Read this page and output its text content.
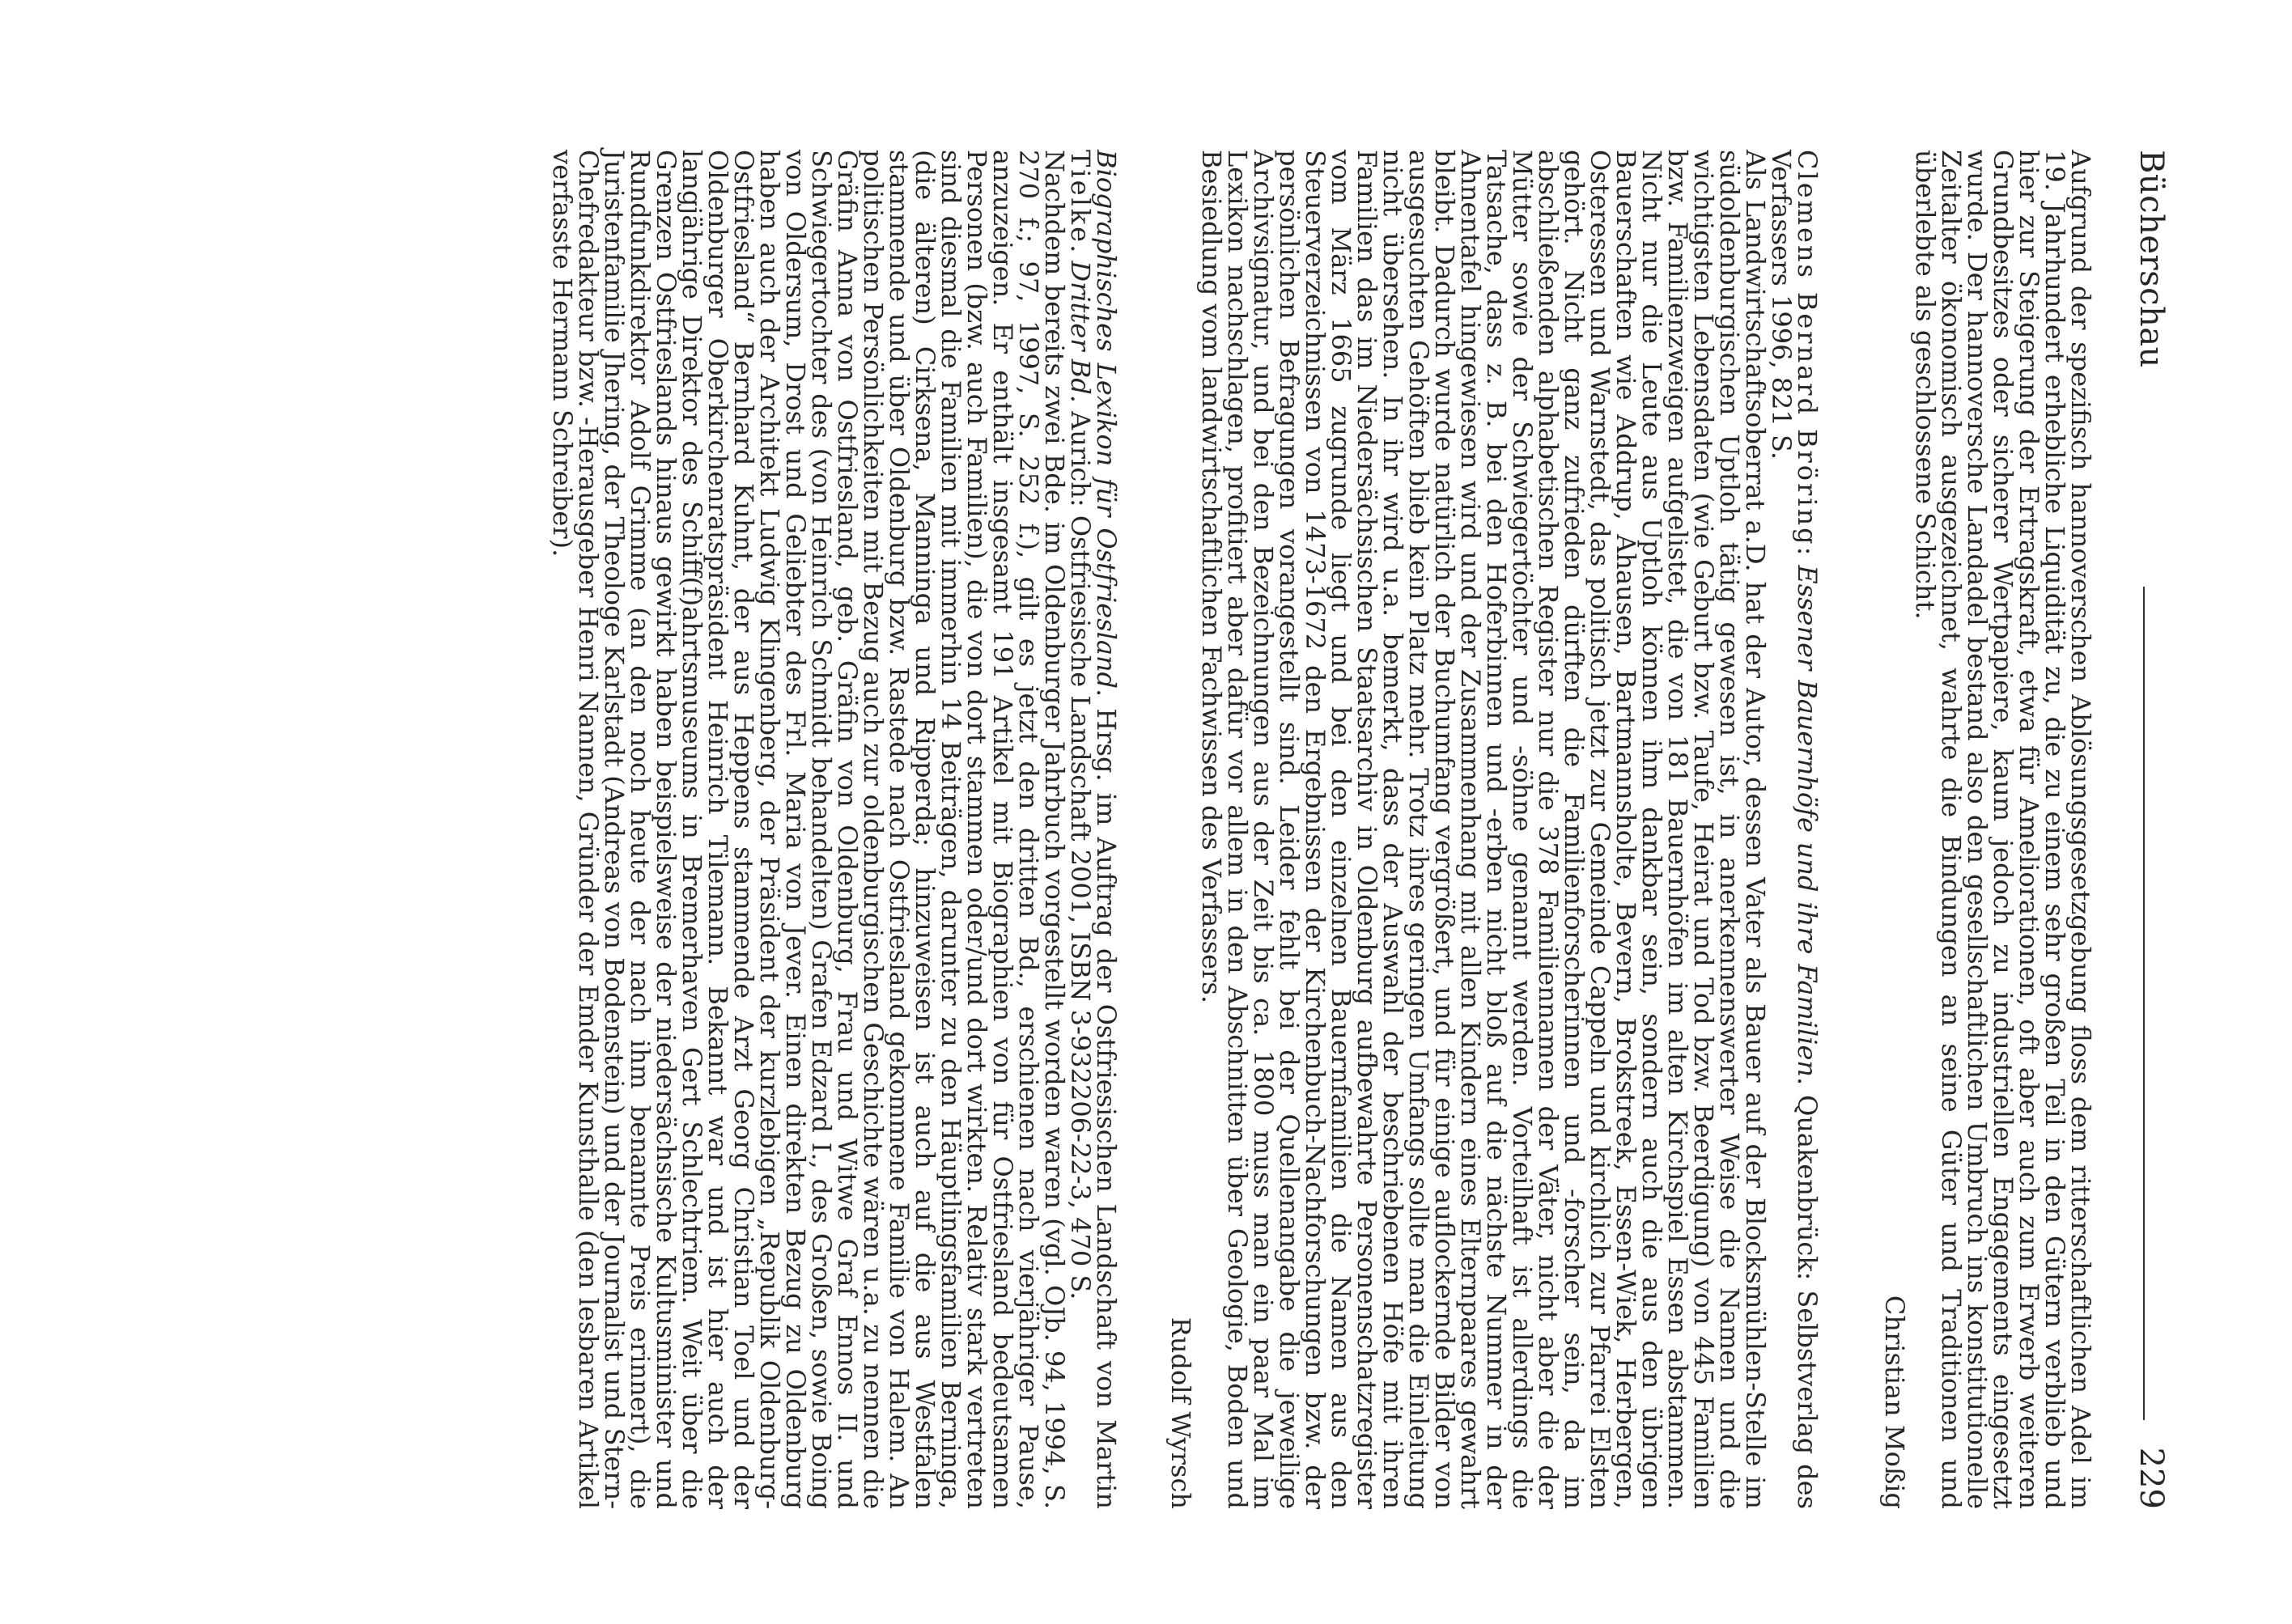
Bücherschau
229

Aufgrund der spezifisch hannoverschen Ablösungsgesetzgebung floss dem ritterschaftlichen Adel im 19. Jahrhundert erhebliche Liquidität zu, die zu einem sehr großen Teil in den Gütern verblieb und hier zur Steigerung der Ertragskraft, etwa für Ameliorationen, oft aber auch zum Erwerb weiteren Grundbesitzes oder sicherer Wertpapiere, kaum jedoch zu industriellen Engagements eingesetzt wurde. Der hannoversche Landadel bestand also den gesellschaftlichen Umbruch ins konstitutionelle Zeitalter ökonomisch ausgezeichnet, wahrte die Bindungen an seine Güter und Traditionen und überlebte als geschlossene Schicht.

Christian Moßig

Clemens Bernard Bröring: Essener Bauernhöfe und ihre Familien. Quakenbrück: Selbstverlag des Verfassers 1996, 821 S.

Als Landwirtschaftsoberrat a.D. hat der Autor, dessen Vater als Bauer auf der Blocksmühlen-Stelle im südoldenburgischen Uptloh tätig gewesen ist, in anerkennenswerter Weise die Namen und die wichtigsten Lebensdaten (wie Geburt bzw. Taufe, Heirat und Tod bzw. Beerdigung) von 445 Familien bzw. Familienzweigen aufgelistet, die von 181 Bauernhöfen im alten Kirchspiel Essen abstammen. Nicht nur die Leute aus Uptloh können ihm dankbar sein, sondern auch die aus den übrigen Bauerschaften wie Addrup, Ahausen, Bartmannsholte, Bevern, Brokstreek, Essen-Wiek, Herbergen, Osteressen und Warnstedt, das politisch jetzt zur Gemeinde Cappeln und kirchlich zur Pfarrei Elsten gehört. Nicht ganz zufrieden dürften die Familienforscherinnen und -forscher sein, da im abschließenden alphabetischen Register nur die 378 Familiennamen der Väter, nicht aber die der Mütter sowie der Schwiegertöchter und -söhne genannt werden. Vorteilhaft ist allerdings die Tatsache, dass z. B. bei den Hoferbinnen und -erben nicht bloß auf die nächste Nummer in der Ahnentafel hingewiesen wird und der Zusammenhang mit allen Kindern eines Elternpaares gewahrt bleibt. Dadurch wurde natürlich der Buchumfang vergrößert, und für einige auflockernde Bilder von ausgesuchten Gehöften blieb kein Platz mehr. Trotz ihres geringen Umfangs sollte man die Einleitung nicht übersehen. In ihr wird u.a. bemerkt, dass der Auswahl der beschriebenen Höfe mit ihren Familien das im Niedersächsischen Staatsarchiv in Oldenburg aufbewahrte Personenschatzregister vom März 1665 zugrunde liegt und bei den einzelnen Bauernfamilien die Namen aus den Steuerverzeichnissen von 1473-1672 den Ergebnissen der Kirchenbuch-Nachforschungen bzw. der persönlichen Befragungen vorangestellt sind. Leider fehlt bei der Quellenangabe die jeweilige Archivsignatur, und bei den Bezeichnungen aus der Zeit bis ca. 1800 muss man ein paar Mal im Lexikon nachschlagen, profitiert aber dafür vor allem in den Abschnitten über Geologie, Boden und Besiedlung vom landwirtschaftlichen Fachwissen des Verfassers.

Rudolf Wyrsch

Biographisches Lexikon für Ostfriesland. Hrsg. im Auftrag der Ostfriesischen Landschaft von Martin Tielke. Dritter Bd. Aurich: Ostfriesische Landschaft 2001, ISBN 3-932206-22-3, 470 S.

Nachdem bereits zwei Bde. im Oldenburger Jahrbuch vorgestellt worden waren (vgl. OJb. 94, 1994, S. 270 f.; 97, 1997, S. 252 f.), gilt es jetzt den dritten Bd., erschienen nach vierjähriger Pause, anzuzeigen. Er enthält insgesamt 191 Artikel mit Biographien von für Ostfriesland bedeutsamen Personen (bzw. auch Familien), die von dort stammen oder/und dort wirkten. Relativ stark vertreten sind diesmal die Familien mit immerhin 14 Beiträgen, darunter zu den Häuptlingsfamilien Berninga, (die älteren) Cirksena, Manninga und Ripperda; hinzuweisen ist auch auf die aus Westfalen stammende und über Oldenburg bzw. Rastede nach Ostfriesland gekommene Familie von Halem. An politischen Persönlichkeiten mit Bezug auch zur oldenburgischen Geschichte wären u.a. zu nennen die Gräfin Anna von Ostfriesland, geb. Gräfin von Oldenburg, Frau und Witwe Graf Ennos II. und Schwiegertochter des (von Heinrich Schmidt behandelten) Grafen Edzard I., des Großen, sowie Boing von Oldersum, Drost und Geliebter des Frl. Maria von Jever. Einen direkten Bezug zu Oldenburg haben auch der Architekt Ludwig Klingenberg, der Präsident der kurzlebigen „Republik Oldenburg-Ostfriesland“ Bernhard Kuhnt, der aus Heppens stammende Arzt Georg Christian Toel und der Oldenburger Oberkirchenratspräsident Heinrich Tilemann. Bekannt war und ist hier auch der langjährige Direktor des Schiff(f)ahrtsmuseums in Bremerhaven Gert Schlechtriem. Weit über die Grenzen Ostfrieslands hinaus gewirkt haben beispielsweise der niedersächsische Kultusminister und Rundfunkdirektor Adolf Grimme (an den noch heute der nach ihm benannte Preis erinnert), die Juristenfamilie Jhering, der Theologe Karlstadt (Andreas von Bodenstein) und der Journalist und Stern-Chefredakteur bzw. -Herausgeber Henri Nannen, Gründer der Emder Kunsthalle (den lesbaren Artikel verfasste Hermann Schreiber).
